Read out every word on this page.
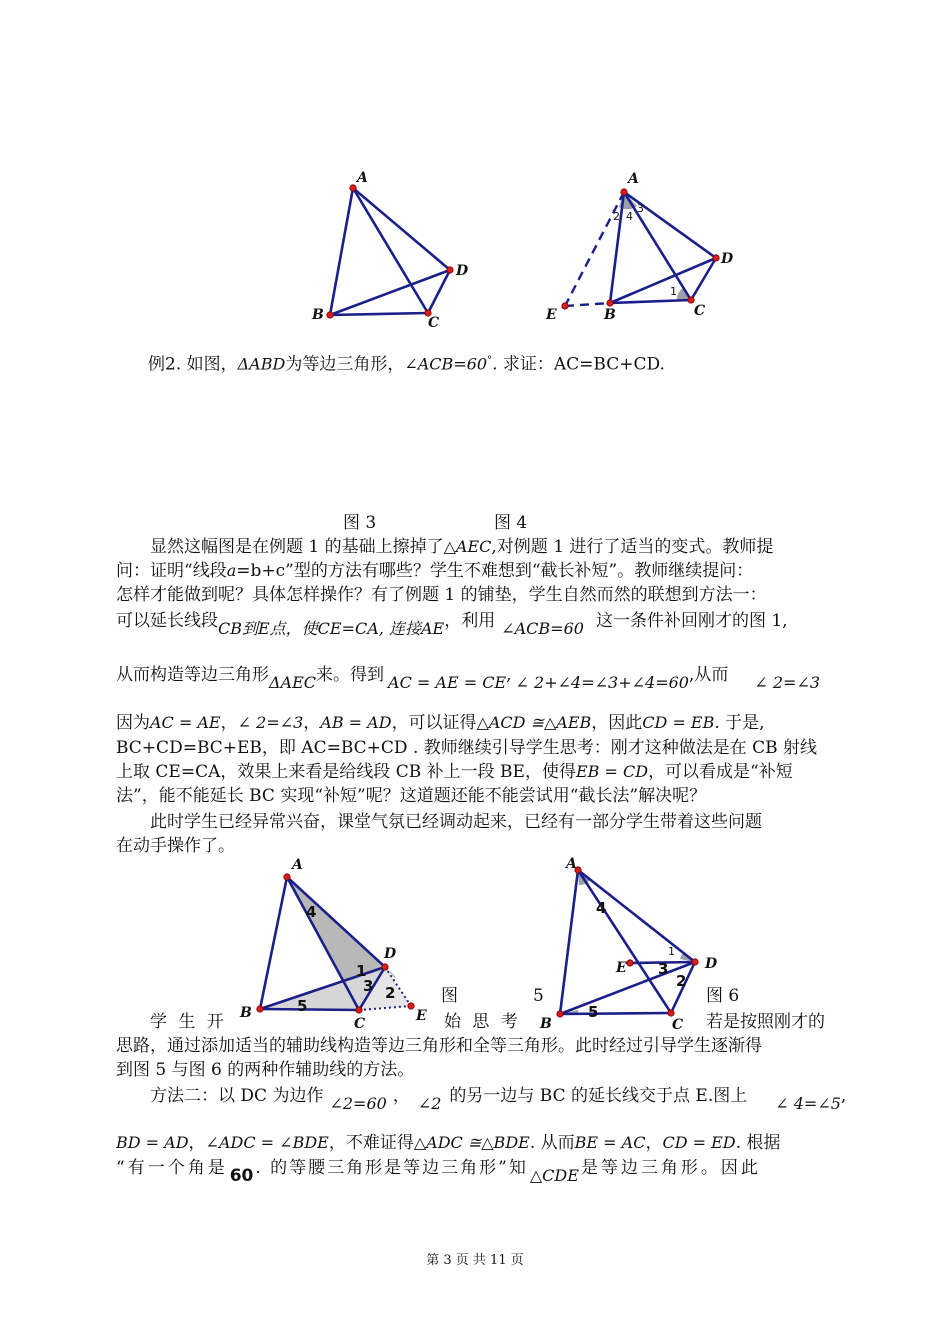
A
B	C
D
A
B	C
D
E
1
2
3
4
例2. 如图，ΔABD为等边三角形，∠ACB=60°. 求证：AC=BC+CD.
图 3	图 4
显然这幅图是在例题 1 的基础上擦掉了△AEC,对例题 1 进行了适当的变式。教师提
问：证明“线段a=b+c”型的方法有哪些？学生不难想到“截长补短”。教师继续提问：
怎样才能做到呢？具体怎样操作？有了例题 1 的铺垫，学生自然而然的联想到方法一：
可以延长线段CB到E点，使CE=CA, 连接AE，利用 ∠ACB=60 这一条件补回刚才的图 1,
从而构造等边三角形ΔAEC来。得到 AC = AE = CE, ∠ 2+∠4=∠3+∠4=60,从而 ∠ 2=∠3
因为AC = AE，∠ 2=∠3，AB = AD，可以证得△ACD ≅△AEB，因此CD = EB. 于是,
BC+CD=BC+EB，即 AC=BC+CD . 教师继续引导学生思考：刚才这种做法是在 CB 射线
上取 CE=CA，效果上来看是给线段 CB 补上一段 BE，使得EB = CD，可以看成是“补短
法”，能不能延长 BC 实现“补短”呢？这道题还能不能尝试用“截长法”解决呢？
此时学生已经异常兴奋，课堂气氛已经调动起来，已经有一部分学生带着这些问题
在动手操作了。
A
B
C
D
E
1
2
3
4
5
A
B	C
D
E
1
2
3
4
5
图	5	图 6
学 生 开	始 思 考	若是按照刚才的
思路，通过添加适当的辅助线构造等边三角形和全等三角形。此时经过引导学生逐渐得
到图 5 与图 6 的两种作辅助线的方法。
方法二：以 DC 为边作 ∠2=60 ， ∠2 的另一边与 BC 的延长线交于点 E.图上 ∠ 4=∠5,
BD = AD，∠ADC = ∠BDE，不难证得△ADC ≅△BDE. 从而BE = AC，CD = ED. 根据
“有一个角是 60 . 的等腰三角形是等边三角形”知 △CDE 是等边三角形。因此
第 3 页 共 11 页
